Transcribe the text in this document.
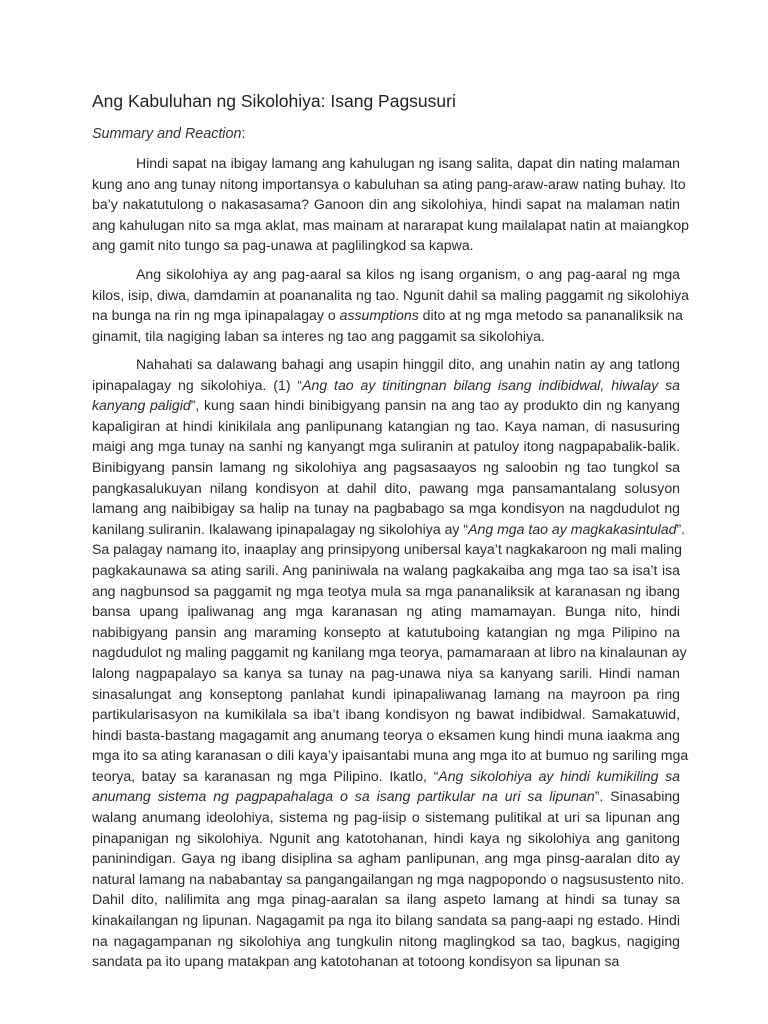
Ang Kabuluhan ng Sikolohiya: Isang Pagsusuri
Summary and Reaction:
Hindi sapat na ibigay lamang ang kahulugan ng isang salita, dapat din nating malaman
kung ano ang tunay nitong importansya o kabuluhan sa ating pang-araw-araw nating buhay. Ito
ba’y nakatutulong o nakasasama? Ganoon din ang sikolohiya, hindi sapat na malaman natin
ang kahulugan nito sa mga aklat, mas mainam at nararapat kung mailalapat natin at maiangkop
ang gamit nito tungo sa pag-unawa at paglilingkod sa kapwa.
Ang sikolohiya ay ang pag-aaral sa kilos ng isang organism, o ang pag-aaral ng mga
kilos, isip, diwa, damdamin at poananalita ng tao. Ngunit dahil sa maling paggamit ng sikolohiya
na bunga na rin ng mga ipinapalagay o assumptions dito at ng mga metodo sa pananaliksik na
ginamit, tila nagiging laban sa interes ng tao ang paggamit sa sikolohiya.
Nahahati sa dalawang bahagi ang usapin hinggil dito, ang unahin natin ay ang tatlong
ipinapalagay ng sikolohiya. (1) “Ang tao ay tinitingnan bilang isang indibidwal, hiwalay sa
kanyang paligid”, kung saan hindi binibigyang pansin na ang tao ay produkto din ng kanyang
kapaligiran at hindi kinikilala ang panlipunang katangian ng tao. Kaya naman, di nasusuring
maigi ang mga tunay na sanhi ng kanyangt mga suliranin at patuloy itong nagpapabalik-balik.
Binibigyang pansin lamang ng sikolohiya ang pagsasaayos ng saloobin ng tao tungkol sa
pangkasalukuyan nilang kondisyon at dahil dito, pawang mga pansamantalang solusyon
lamang ang naibibigay sa halip na tunay na pagbabago sa mga kondisyon na nagdudulot ng
kanilang suliranin. Ikalawang ipinapalagay ng sikolohiya ay “Ang mga tao ay magkakasintulad”.
Sa palagay namang ito, inaaplay ang prinsipyong unibersal kaya’t nagkakaroon ng mali maling
pagkakaunawa sa ating sarili. Ang paniniwala na walang pagkakaiba ang mga tao sa isa’t isa
ang nagbunsod sa paggamit ng mga teotya mula sa mga pananaliksik at karanasan ng ibang
bansa upang ipaliwanag ang mga karanasan ng ating mamamayan. Bunga nito, hindi
nabibigyang pansin ang maraming konsepto at katutuboing katangian ng mga Pilipino na
nagdudulot ng maling paggamit ng kanilang mga teorya, pamamaraan at libro na kinalaunan ay
lalong nagpapalayo sa kanya sa tunay na pag-unawa niya sa kanyang sarili. Hindi naman
sinasalungat ang konseptong panlahat kundi ipinapaliwanag lamang na mayroon pa ring
partikularisasyon na kumikilala sa iba’t ibang kondisyon ng bawat indibidwal. Samakatuwid,
hindi basta-bastang magagamit ang anumang teorya o eksamen kung hindi muna iaakma ang
mga ito sa ating karanasan o dili kaya’y ipaisantabi muna ang mga ito at bumuo ng sariling mga
teorya, batay sa karanasan ng mga Pilipino. Ikatlo, “Ang sikolohiya ay hindi kumikiling sa
anumang sistema ng pagpapahalaga o sa isang partikular na uri sa lipunan”. Sinasabing
walang anumang ideolohiya, sistema ng pag-iisip o sistemang pulitikal at uri sa lipunan ang
pinapanigan ng sikolohiya. Ngunit ang katotohanan, hindi kaya ng sikolohiya ang ganitong
paninindigan. Gaya ng ibang disiplina sa agham panlipunan, ang mga pinsg-aaralan dito ay
natural lamang na nababantay sa pangangailangan ng mga nagpopondo o nagsusustento nito.
Dahil dito, nalilimita ang mga pinag-aaralan sa ilang aspeto lamang at hindi sa tunay sa
kinakailangan ng lipunan. Nagagamit pa nga ito bilang sandata sa pang-aapi ng estado. Hindi
na nagagampanan ng sikolohiya ang tungkulin nitong maglingkod sa tao, bagkus, nagiging
sandata pa ito upang matakpan ang katotohanan at totoong kondisyon sa lipunan sa
